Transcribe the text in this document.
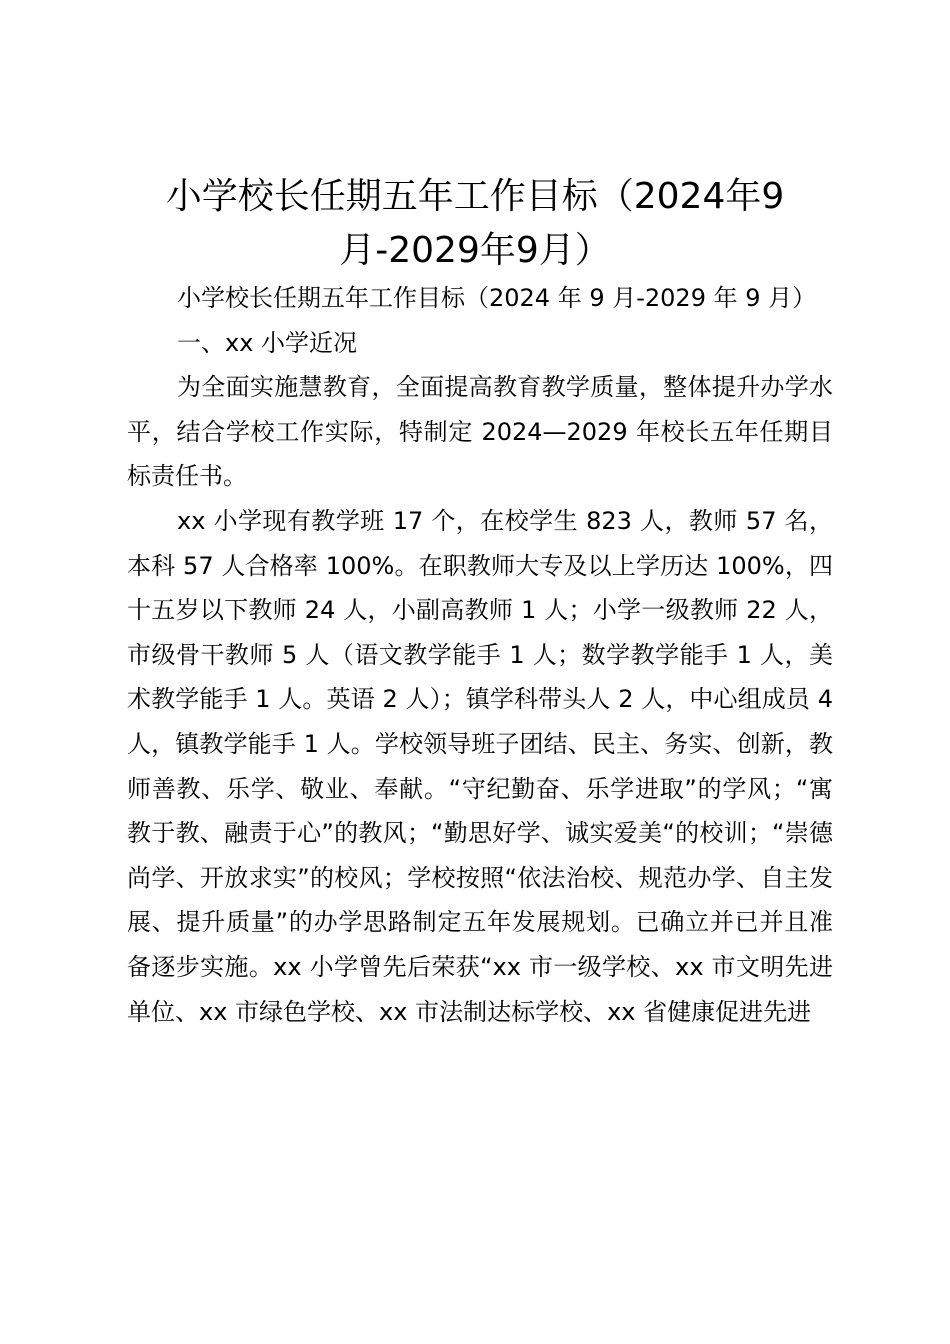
小学校长任期五年工作目标（2024年9月-2029年9月）

小学校长任期五年工作目标（2024 年 9 月-2029 年 9 月）

一、xx 小学近况

为全面实施慧教育，全面提高教育教学质量，整体提升办学水平，结合学校工作实际，特制定 2024—2029 年校长五年任期目标责任书。

xx 小学现有教学班 17 个，在校学生 823 人，教师 57 名，本科 57 人合格率 100%。在职教师大专及以上学历达 100%，四十五岁以下教师 24 人，小副高教师 1 人；小学一级教师 22 人，市级骨干教师 5 人（语文教学能手 1 人；数学教学能手 1 人，美术教学能手 1 人。英语 2 人）；镇学科带头人 2 人，中心组成员 4 人，镇教学能手 1 人。学校领导班子团结、民主、务实、创新，教师善教、乐学、敬业、奉献。“守纪勤奋、乐学进取”的学风；“寓教于教、融责于心”的教风；“勤思好学、诚实爱美“的校训；“崇德尚学、开放求实”的校风；学校按照“依法治校、规范办学、自主发展、提升质量”的办学思路制定五年发展规划。已确立并已并且准备逐步实施。xx 小学曾先后荣获“xx 市一级学校、xx 市文明先进单位、xx 市绿色学校、xx 市法制达标学校、xx 省健康促进先进
